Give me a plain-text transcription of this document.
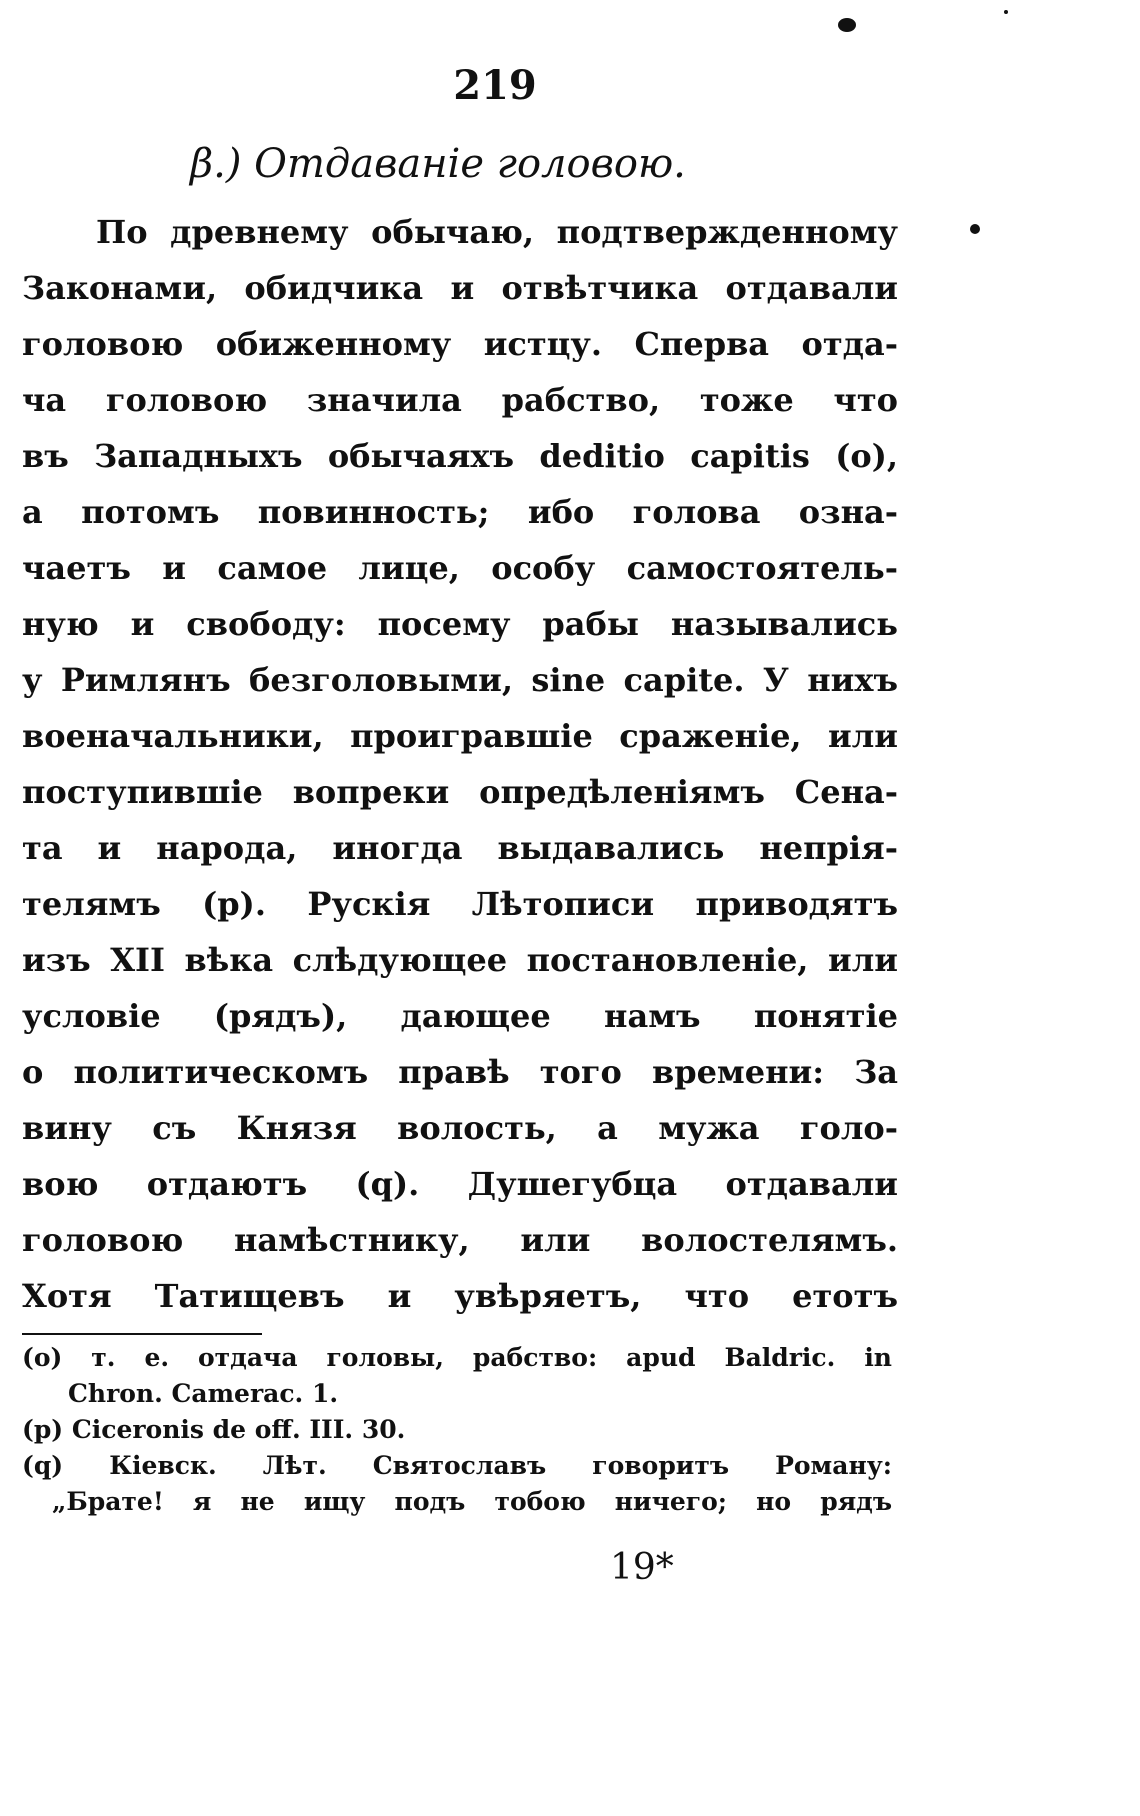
219
β.) Отдаваніе головою.
По древнему обычаю, подтвержденному
Законами, обидчика и отвѣтчика отдавали
головою обиженному истцу. Сперва отда-
ча головою значила рабство, тоже что
въ Западныхъ обычаяхъ deditio capitis (о),
а потомъ повинность; ибо голова озна-
чаетъ и самое лице, особу самостоятель-
ную и свободу: посему рабы назывались
у Римлянъ безголовыми, sine capite. У нихъ
военачальники, проигравшіе сраженіе, или
поступившіе вопреки опредѣленіямъ Сена-
та и народа, иногда выдавались непрія-
телямъ (р). Рускія Лѣтописи приводятъ
изъ XII вѣка слѣдующее постановленіе, или
условіе (рядъ), дающее намъ понятіе
о политическомъ правѣ того времени: За
вину съ Князя волость, а мужа голо-
вою отдаютъ (q). Душегубца отдавали
головою намѣстнику, или волостелямъ.
Хотя Татищевъ и увѣряетъ, что етотъ
(о) т. е. отдача головы, рабство: apud Baldric. in
Chron. Camerac. 1.
(р) Ciceronis de off. III. 30.
(q) Кіевск. Лѣт. Святославъ говоритъ Роману:
„Брате! я не ищу подъ тобою ничего; но рядъ
19*
